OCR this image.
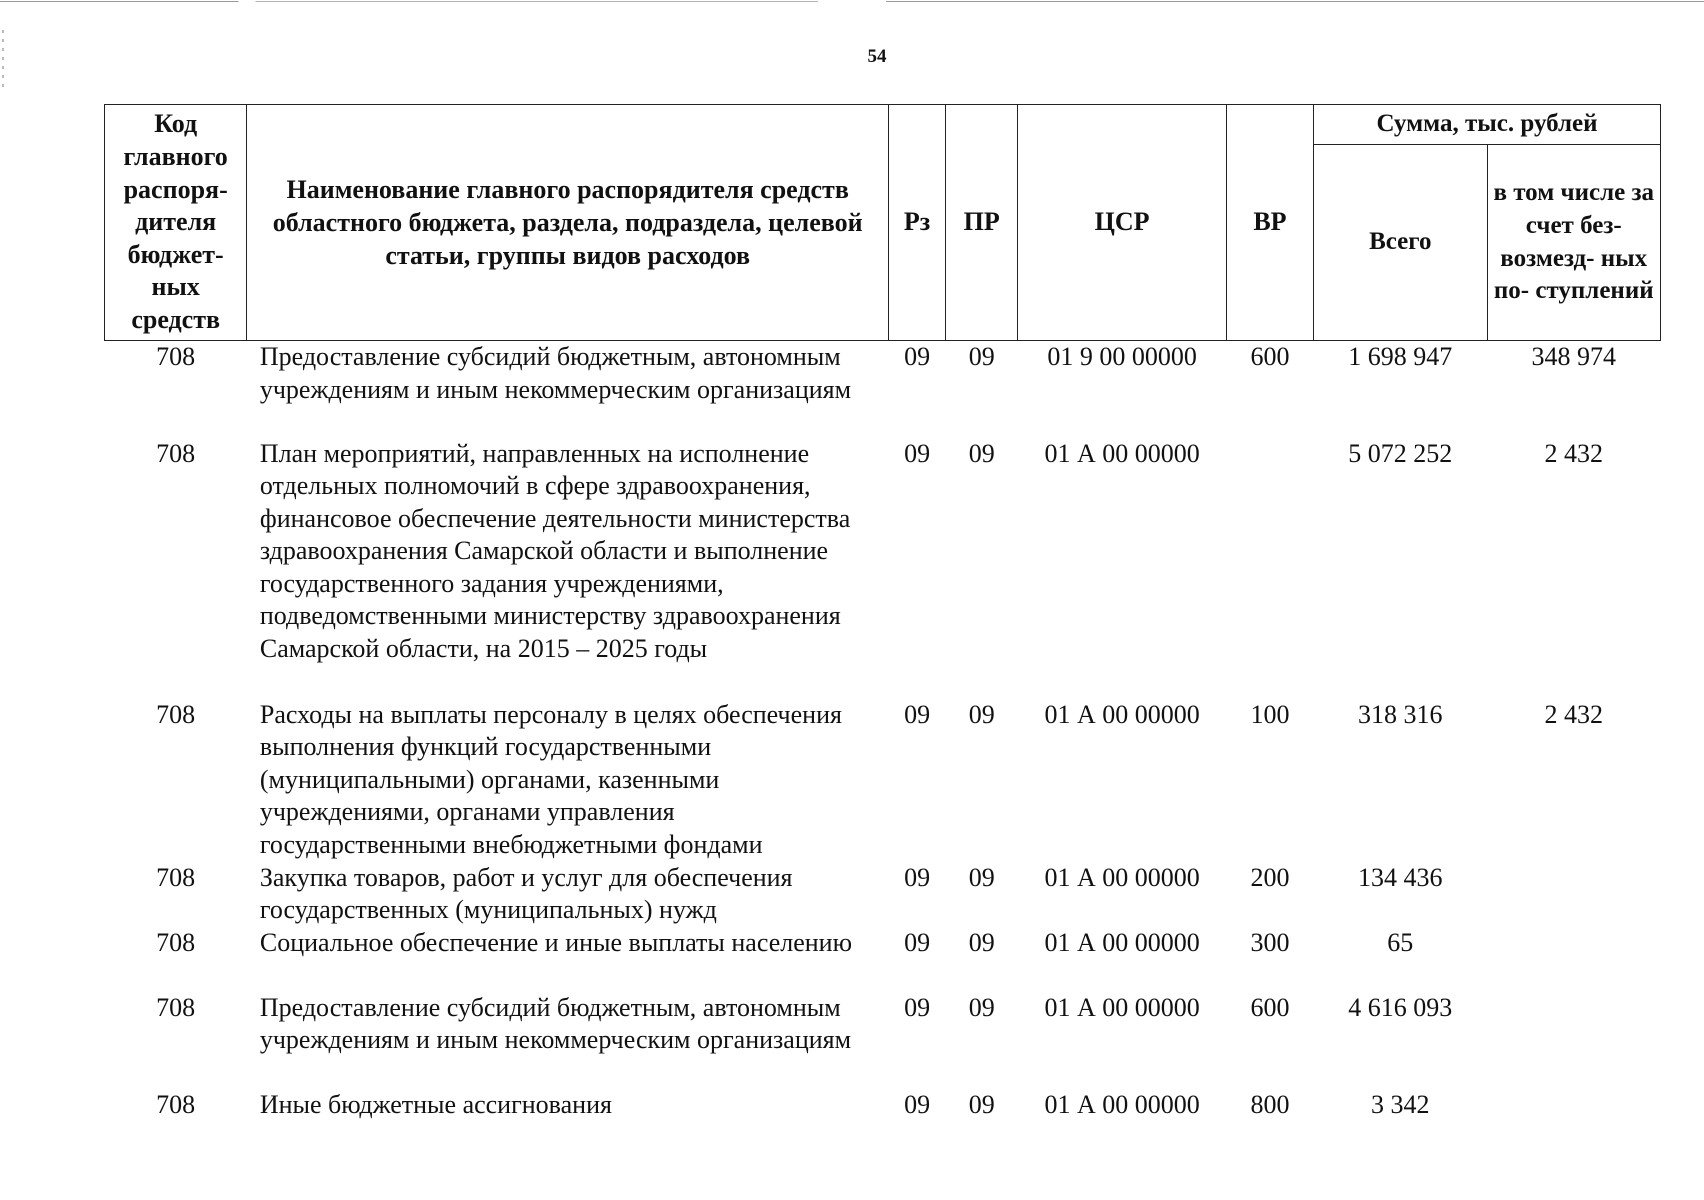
54
Код главного распоря- дителя бюджет- ных средств	Наименование главного распорядителя средств областного бюджета, раздела, подраздела, целевой статьи, группы видов расходов	Рз	ПР	ЦСР	ВР	Сумма, тыс. рублей	
						Всего	в том числе за счет без- возмезд- ных по- ступлений
708	Предоставление субсидий бюджетным, автономным учреждениям и иным некоммерческим организациям	09	09	01 9 00 00000	600	1 698 947	348 974
708	План мероприятий, направленных на исполнение отдельных полномочий в сфере здравоохранения, финансовое обеспечение деятельности министерства здравоохранения Самарской области и выполнение государственного задания учреждениями, подведомственными министерству здравоохранения Самарской области, на 2015 – 2025 годы	09	09	01 А 00 00000		5 072 252	2 432
708	Расходы на выплаты персоналу в целях обеспечения выполнения функций государственными (муниципальными) органами, казенными учреждениями, органами управления государственными внебюджетными фондами	09	09	01 А 00 00000	100	318 316	2 432
708	Закупка товаров, работ и услуг для обеспечения государственных (муниципальных) нужд	09	09	01 А 00 00000	200	134 436	
708	Социальное обеспечение и иные выплаты населению	09	09	01 А 00 00000	300	65	
708	Предоставление субсидий бюджетным, автономным учреждениям и иным некоммерческим организациям	09	09	01 А 00 00000	600	4 616 093	
708	Иные бюджетные ассигнования	09	09	01 А 00 00000	800	3 342	
